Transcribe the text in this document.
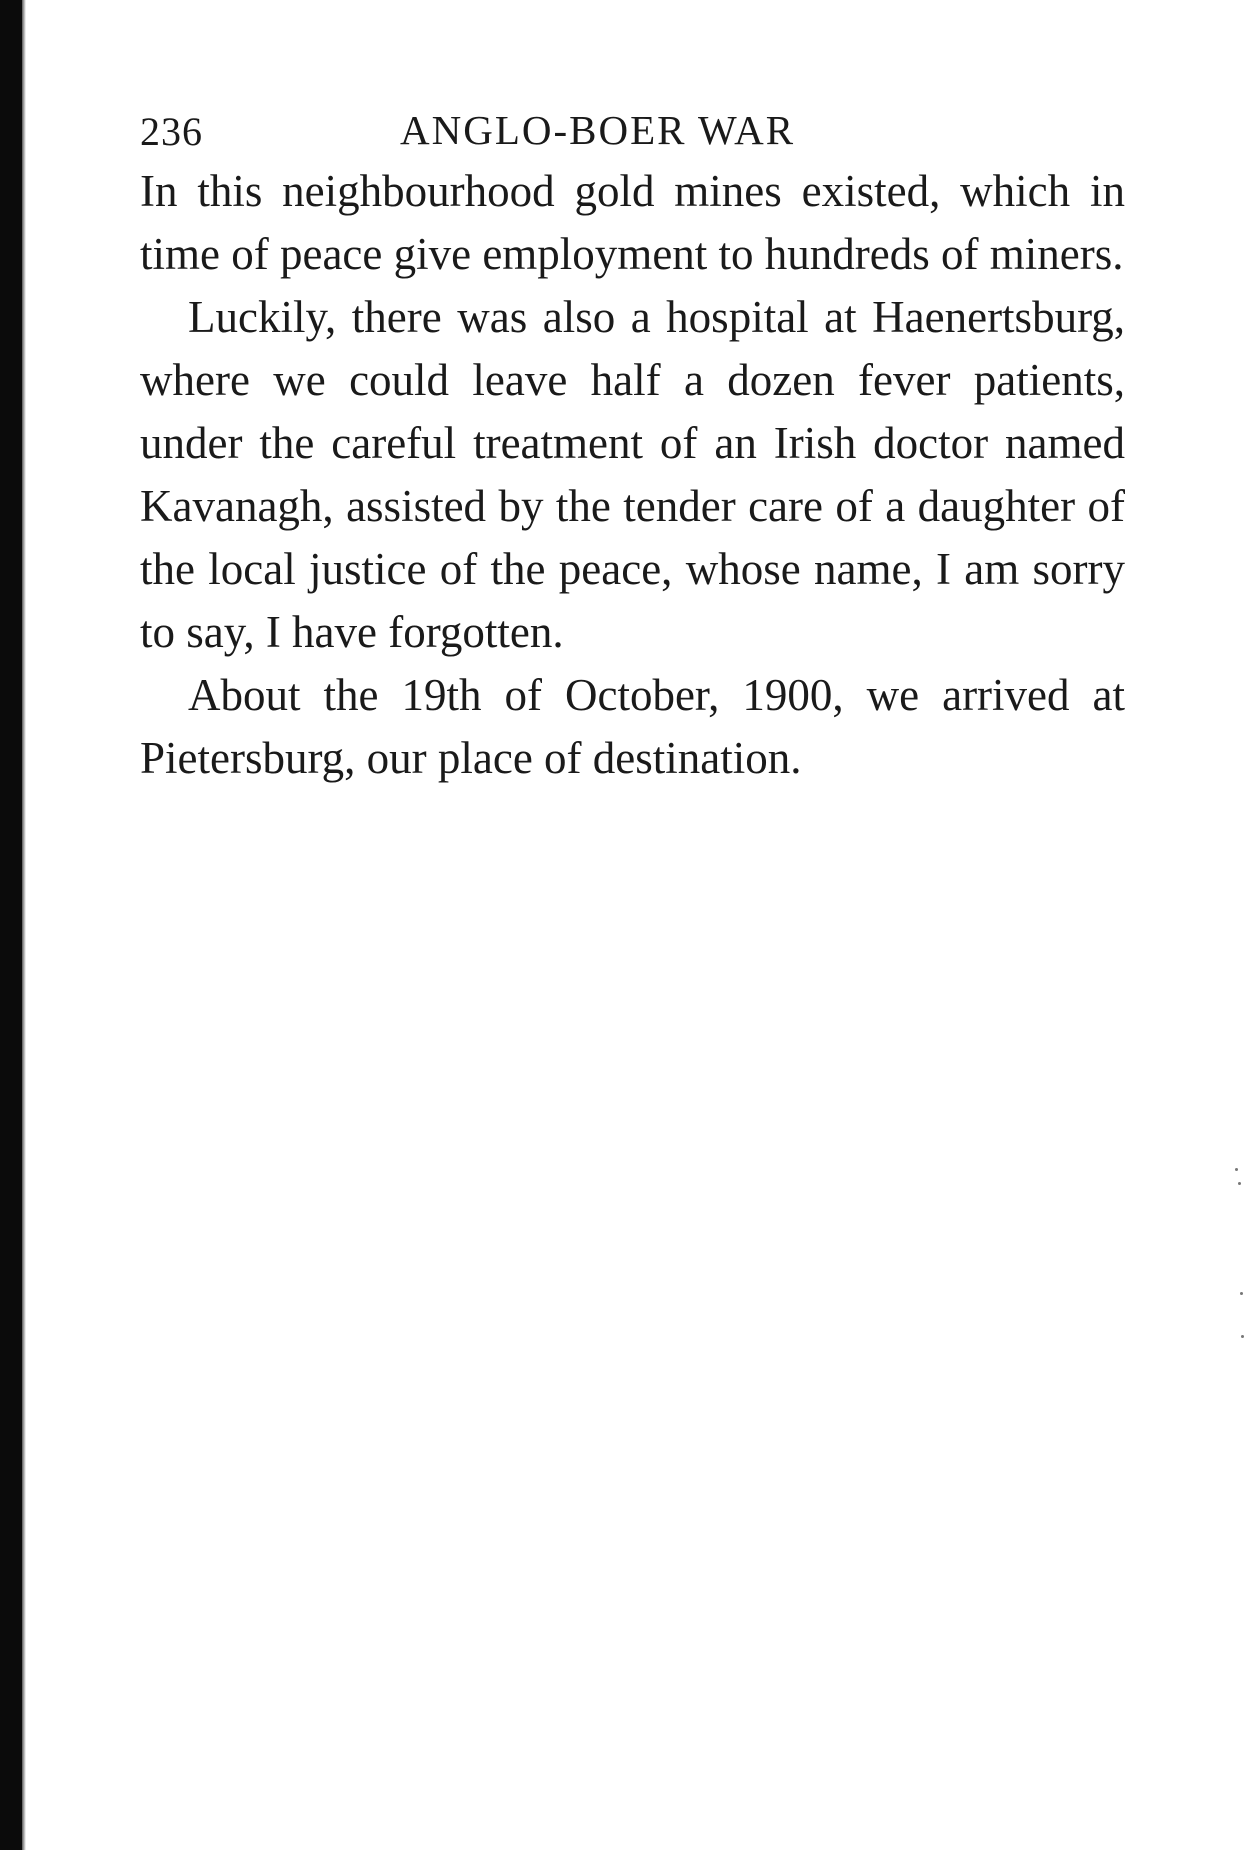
236	ANGLO-BOER WAR

In this neighbourhood gold mines existed, which in time of peace give employment to hundreds of miners.

Luckily, there was also a hospital at Haenertsburg, where we could leave half a dozen fever patients, under the careful treatment of an Irish doctor named Kavanagh, assisted by the tender care of a daughter of the local justice of the peace, whose name, I am sorry to say, I have forgotten.

About the 19th of October, 1900, we arrived at Pietersburg, our place of destination.
